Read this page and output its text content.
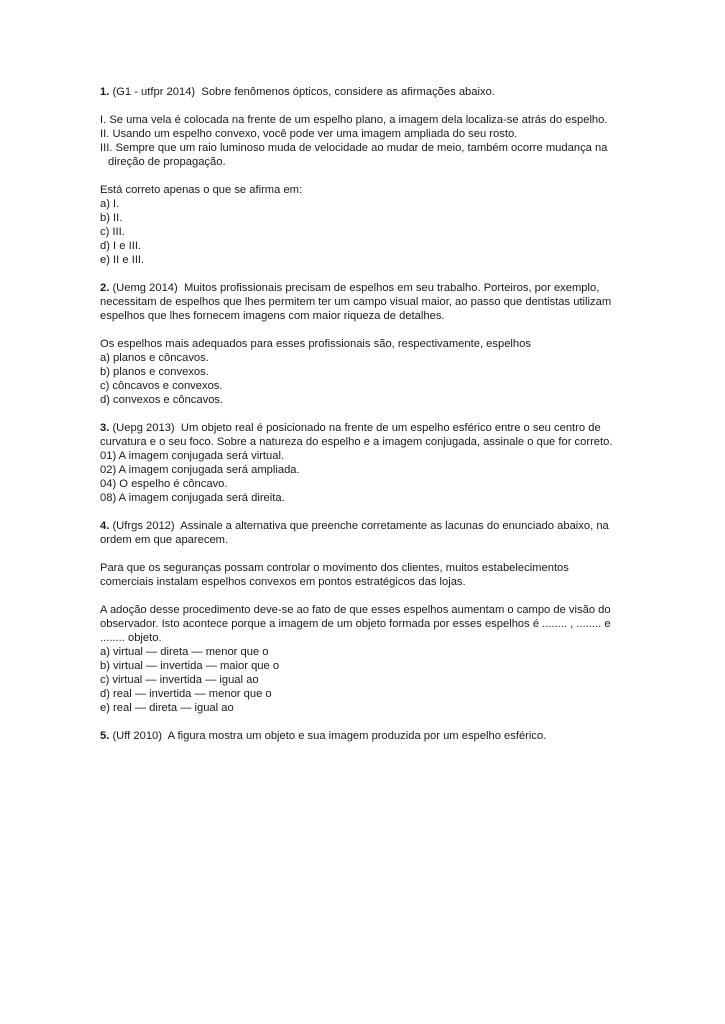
1. (G1 - utfpr 2014) Sobre fenômenos ópticos, considere as afirmações abaixo.
I. Se uma vela é colocada na frente de um espelho plano, a imagem dela localiza-se atrás do espelho.
II. Usando um espelho convexo, você pode ver uma imagem ampliada do seu rosto.
III. Sempre que um raio luminoso muda de velocidade ao mudar de meio, também ocorre mudança na direção de propagação.
Está correto apenas o que se afirma em:
a) I.
b) II.
c) III.
d) I e III.
e) II e III.
2. (Uemg 2014) Muitos profissionais precisam de espelhos em seu trabalho. Porteiros, por exemplo, necessitam de espelhos que lhes permitem ter um campo visual maior, ao passo que dentistas utilizam espelhos que lhes fornecem imagens com maior riqueza de detalhes.
Os espelhos mais adequados para esses profissionais são, respectivamente, espelhos
a) planos e côncavos.
b) planos e convexos.
c) côncavos e convexos.
d) convexos e côncavos.
3. (Uepg 2013) Um objeto real é posicionado na frente de um espelho esférico entre o seu centro de curvatura e o seu foco. Sobre a natureza do espelho e a imagem conjugada, assinale o que for correto.
01) A imagem conjugada será virtual.
02) A imagem conjugada será ampliada.
04) O espelho é côncavo.
08) A imagem conjugada será direita.
4. (Ufrgs 2012) Assinale a alternativa que preenche corretamente as lacunas do enunciado abaixo, na ordem em que aparecem.
Para que os seguranças possam controlar o movimento dos clientes, muitos estabelecimentos comerciais instalam espelhos convexos em pontos estratégicos das lojas.
A adoção desse procedimento deve-se ao fato de que esses espelhos aumentam o campo de visão do observador. Isto acontece porque a imagem de um objeto formada por esses espelhos é ........ , ........ e ........ objeto.
a) virtual — direta — menor que o
b) virtual — invertida — maior que o
c) virtual — invertida — igual ao
d) real — invertida — menor que o
e) real — direta — igual ao
5. (Uff 2010) A figura mostra um objeto e sua imagem produzida por um espelho esférico.
